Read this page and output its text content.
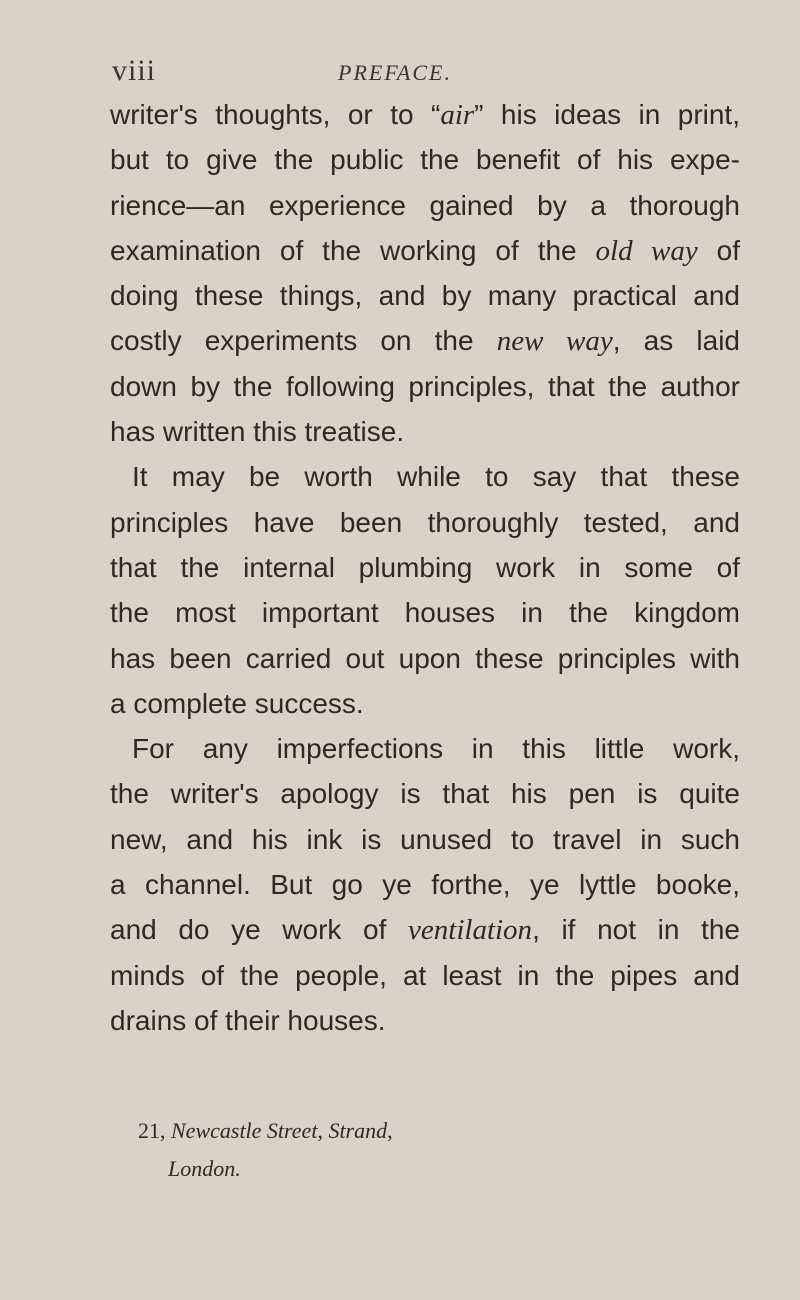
viii	PREFACE.
writer's thoughts, or to “air” his ideas in print,
but to give the public the benefit of his expe-
rience—an experience gained by a thorough
examination of the working of the old way of
doing these things, and by many practical and
costly experiments on the new way, as laid
down by the following principles, that the author
has written this treatise.
It may be worth while to say that these
principles have been thoroughly tested, and
that the internal plumbing work in some of
the most important houses in the kingdom
has been carried out upon these principles with
a complete success.
For any imperfections in this little work,
the writer's apology is that his pen is quite
new, and his ink is unused to travel in such
a channel. But go ye forthe, ye lyttle booke,
and do ye work of ventilation, if not in the
minds of the people, at least in the pipes and
drains of their houses.
21, Newcastle Street, Strand,
London.
